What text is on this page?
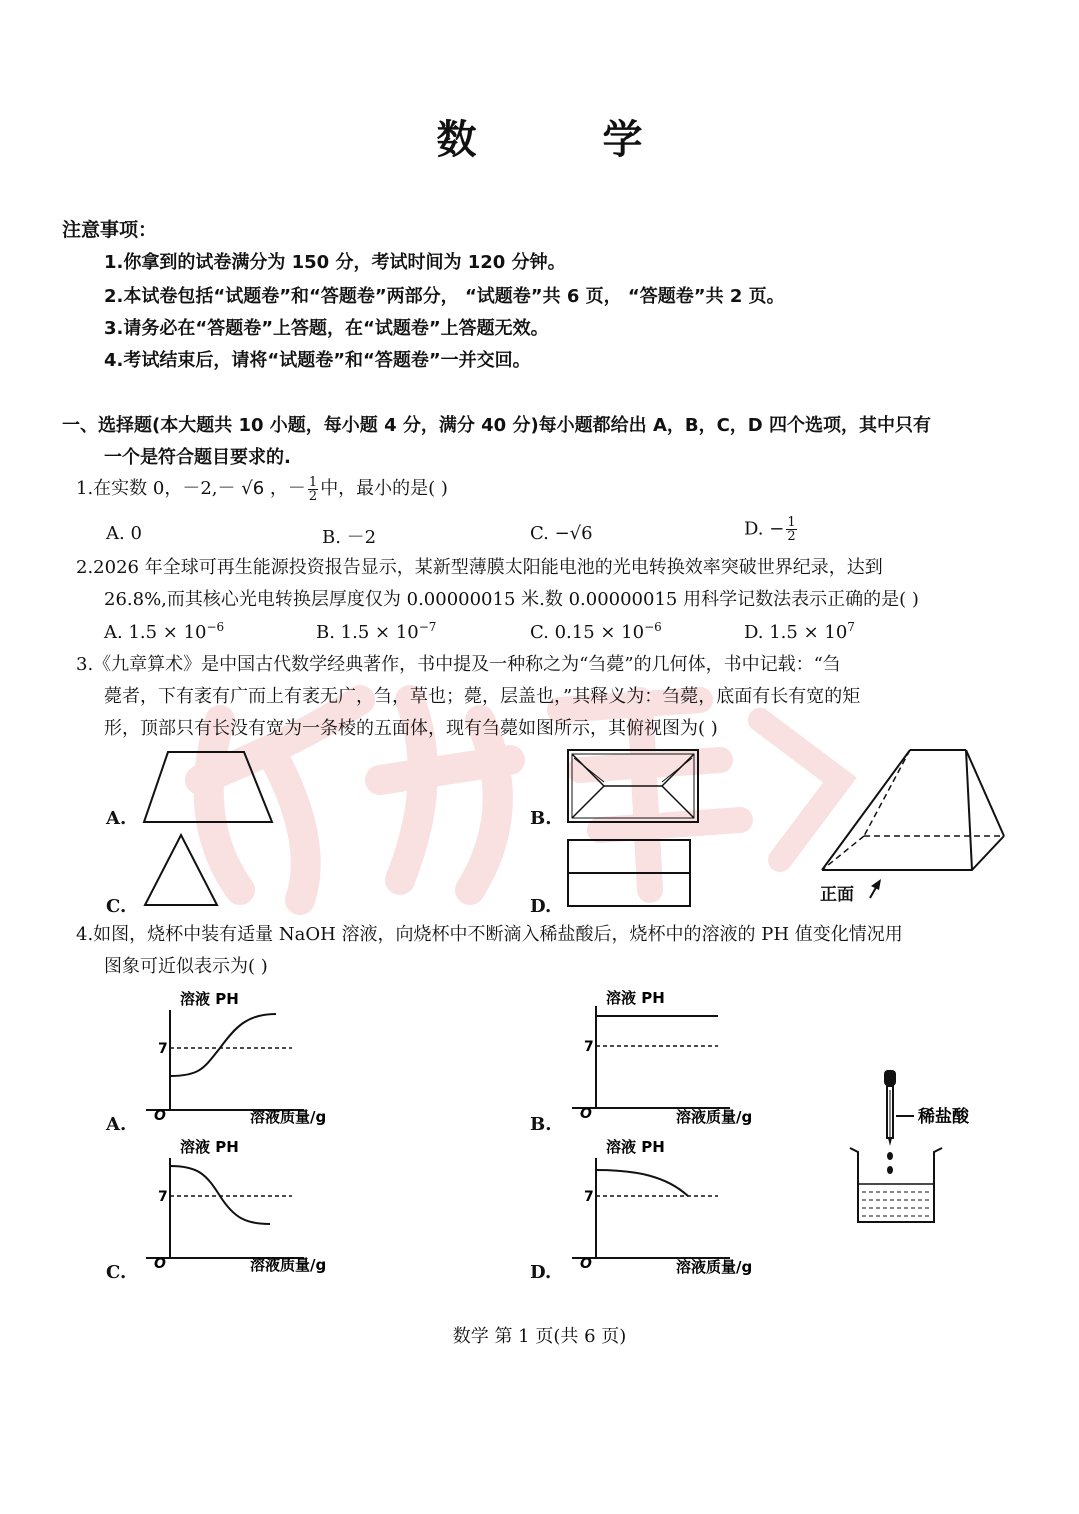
数 学
注意事项：
1.你拿到的试卷满分为 150 分，考试时间为 120 分钟。
2.本试卷包括“试题卷”和“答题卷”两部分， “试题卷”共 6 页， “答题卷”共 2 页。
3.请务必在“答题卷”上答题，在“试题卷”上答题无效。
4.考试结束后，请将“试题卷”和“答题卷”一并交回。
一、选择题(本大题共 10 小题，每小题 4 分，满分 40 分)每小题都给出 A，B，C，D 四个选项，其中只有
一个是符合题目要求的.
1.在实数 0，－2,－ √6 ，－ $\frac{1}{2}$ 中，最小的是( )
A. 0	B. －2	C. −√6	D. − $\frac{1}{2}$
2.2026 年全球可再生能源投资报告显示，某新型薄膜太阳能电池的光电转换效率突破世界纪录，达到
26.8%,而其核心光电转换层厚度仅为 0.00000015 米.数 0.00000015 用科学记数法表示正确的是( )
A. $1.5 \times 10^{-6}$	B. $1.5 \times 10^{-7}$	C. $0.15 \times 10^{-6}$	D. $1.5 \times 10^7$
3.《九章算术》是中国古代数学经典著作，书中提及一种称之为“刍薨”的几何体，书中记载：“刍
薨者，下有袤有广而上有袤无广，刍，草也；薨，层盖也，”其释义为：刍薨，底面有长有宽的矩
形，顶部只有长没有宽为一条棱的五面体，现有刍薨如图所示，其俯视图为( )
A.	B.
C.	D.
正面
4.如图，烧杯中装有适量 NaOH 溶液，向烧杯中不断滴入稀盐酸后，烧杯中的溶液的 PH 值变化情况用
图象可近似表示为( )
A.
溶液 PH
O
7
溶液质量/g	B.
溶液 PH
O
7
溶液质量/g
C.
溶液 PH
O
7
溶液质量/g	D.
溶液 PH
O
7
溶液质量/g
稀盐酸
数学 第 1 页(共 6 页)
